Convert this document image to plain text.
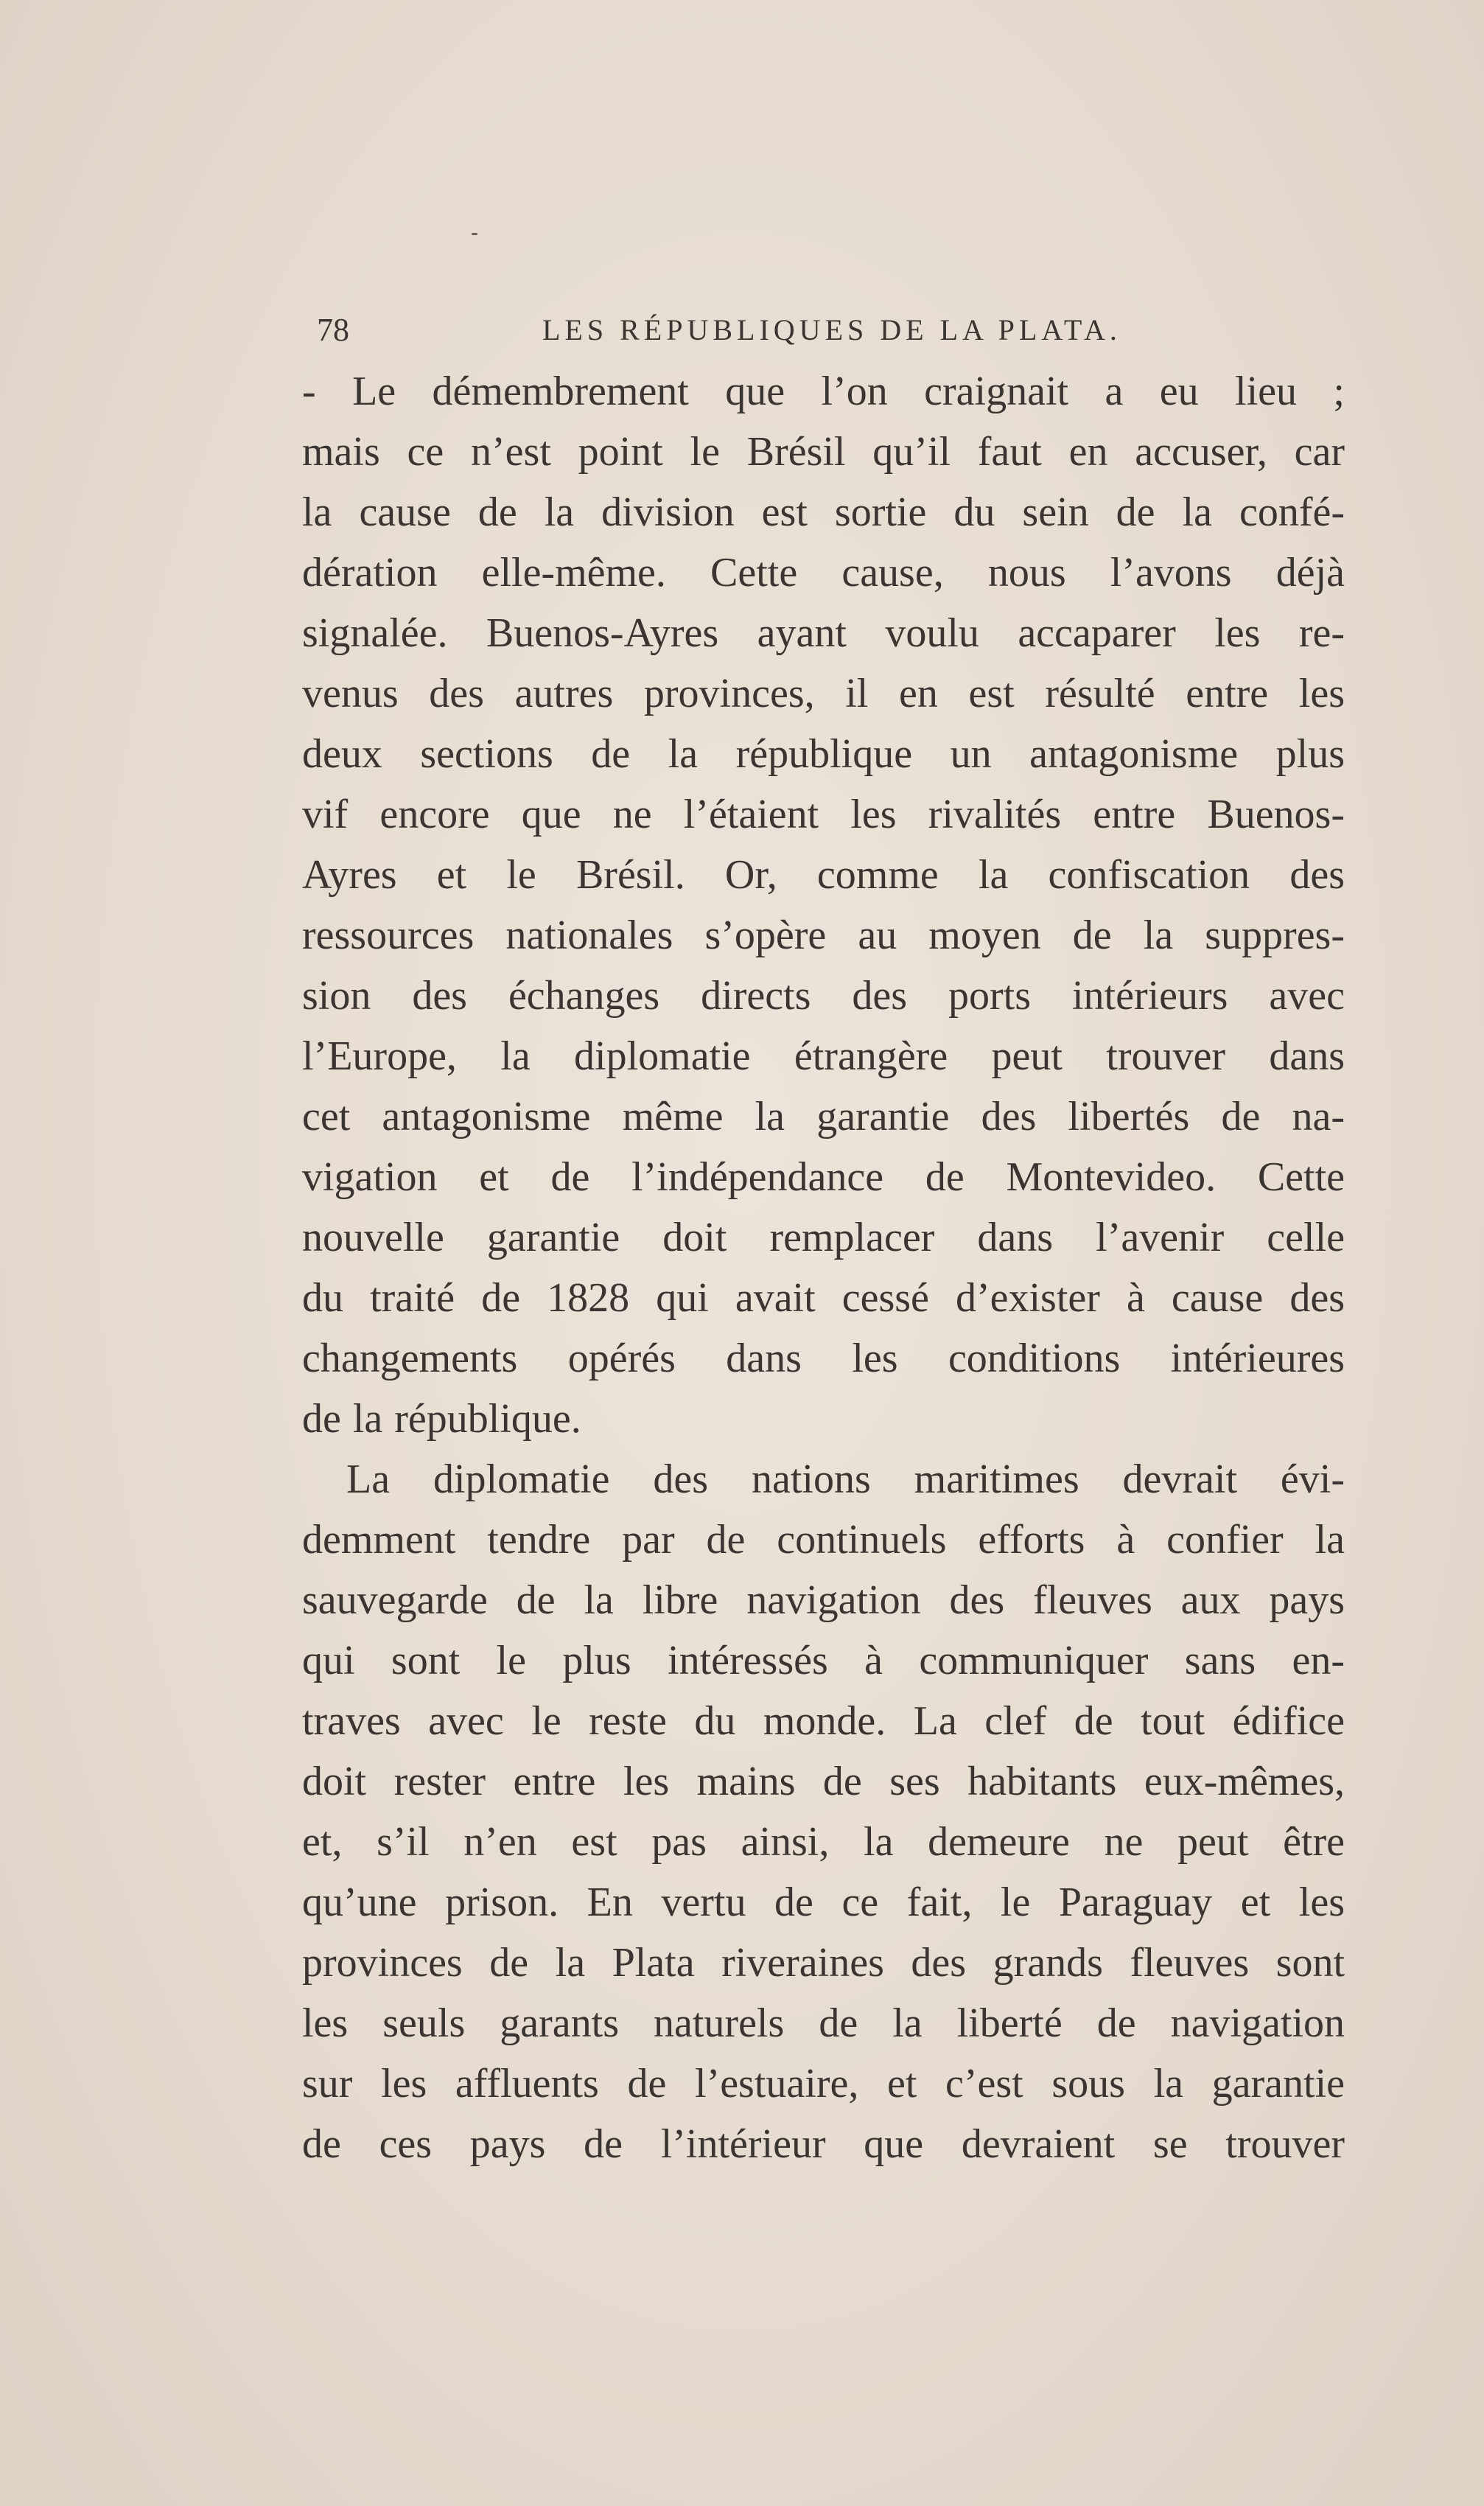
78	LES RÉPUBLIQUES DE LA PLATA.

- Le démembrement que l’on craignait a eu lieu ;
mais ce n’est point le Brésil qu’il faut en accuser, car
la cause de la division est sortie du sein de la confé-
dération elle-même. Cette cause, nous l’avons déjà
signalée. Buenos-Ayres ayant voulu accaparer les re-
venus des autres provinces, il en est résulté entre les
deux sections de la république un antagonisme plus
vif encore que ne l’étaient les rivalités entre Buenos-
Ayres et le Brésil. Or, comme la confiscation des
ressources nationales s’opère au moyen de la suppres-
sion des échanges directs des ports intérieurs avec
l’Europe, la diplomatie étrangère peut trouver dans
cet antagonisme même la garantie des libertés de na-
vigation et de l’indépendance de Montevideo. Cette
nouvelle garantie doit remplacer dans l’avenir celle
du traité de 1828 qui avait cessé d’exister à cause des
changements opérés dans les conditions intérieures
de la république.

La diplomatie des nations maritimes devrait évi-
demment tendre par de continuels efforts à confier la
sauvegarde de la libre navigation des fleuves aux pays
qui sont le plus intéressés à communiquer sans en-
traves avec le reste du monde. La clef de tout édifice
doit rester entre les mains de ses habitants eux-mêmes,
et, s’il n’en est pas ainsi, la demeure ne peut être
qu’une prison. En vertu de ce fait, le Paraguay et les
provinces de la Plata riveraines des grands fleuves sont
les seuls garants naturels de la liberté de navigation
sur les affluents de l’estuaire, et c’est sous la garantie
de ces pays de l’intérieur que devraient se trouver
